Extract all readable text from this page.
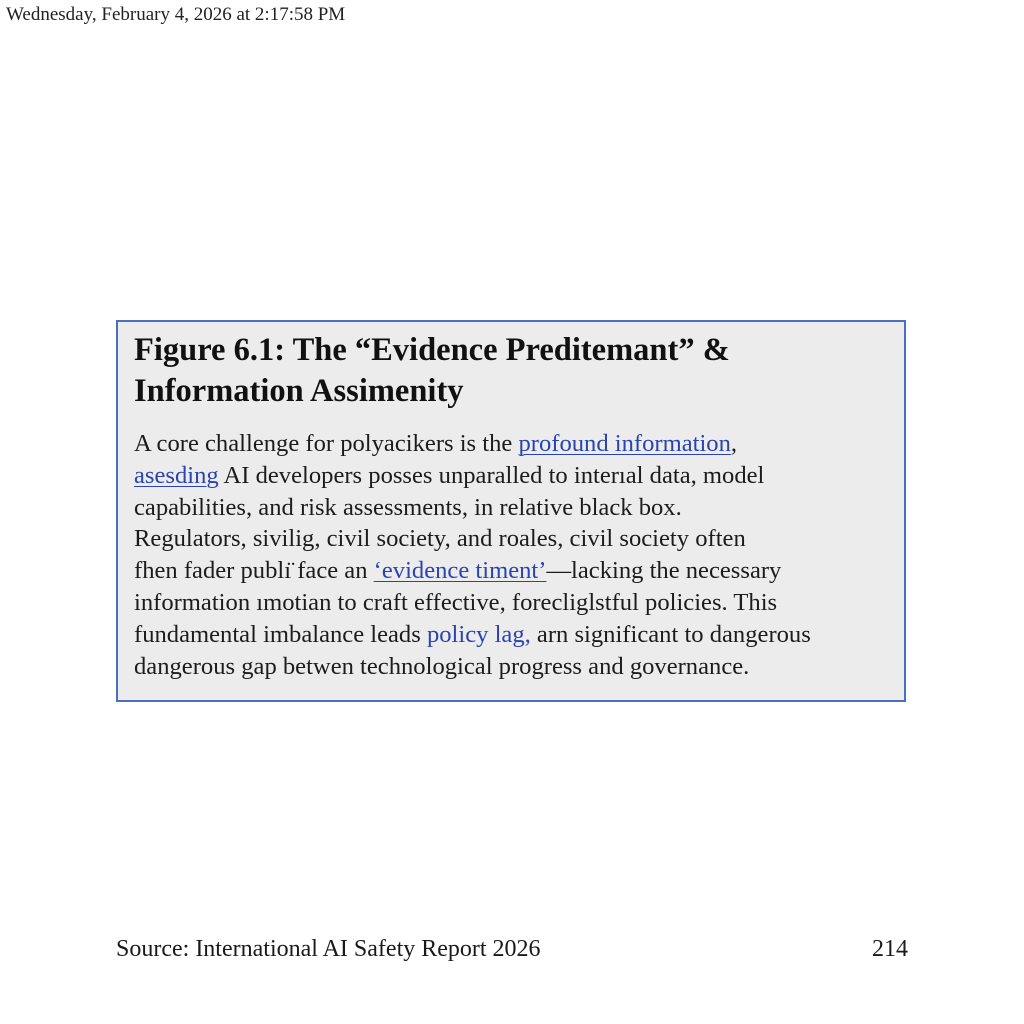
Wednesday, February 4, 2026 at 2:17:58 PM
Figure 6.1: The “Evidence Preditemant” &
Information Assimenity
A core challenge for polyacikers is the profound information,
asesding AI developers posses unparalled to interıal data, model
capabilities, and risk assessments, in relative black box.
Regulators, sivilig, civil society, and roales, civil society often
fhen fader publı̈ face an ‘evidence timent’—lacking the necessary
information ımotian to craft effective, forecliglstful policies. This
fundamental imbalance leads policy lag, arn significant to dangerous
dangerous gap betwen technological progress and governance.
Source: International AI Safety Report 2026	214
